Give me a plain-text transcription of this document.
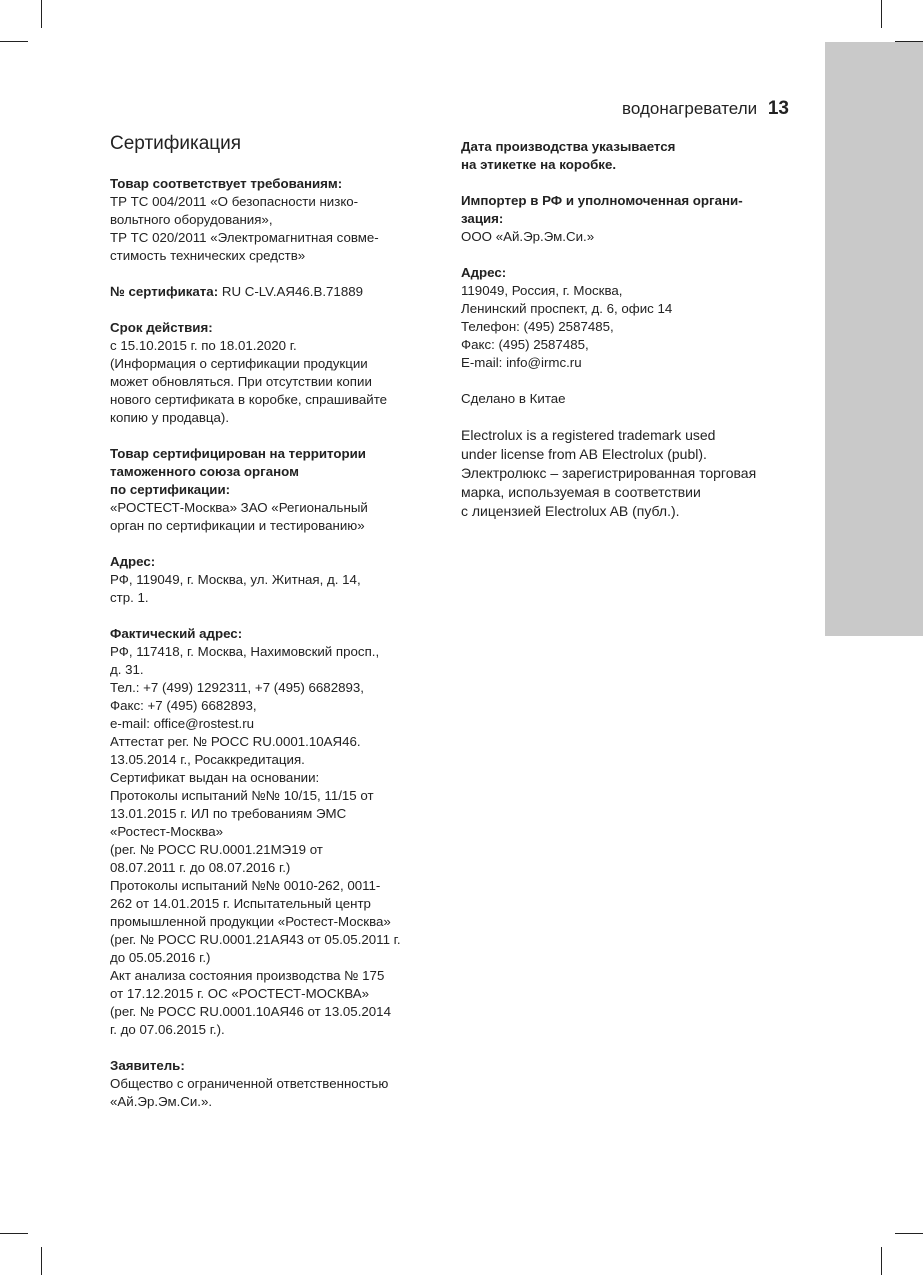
водонагреватели 13
Сертификация
Товар соответствует требованиям:
ТР ТС 004/2011 «О безопасности низко-
вольтного оборудования»,
ТР ТС 020/2011 «Электромагнитная совме-
стимость технических средств»
№ сертификата: RU C-LV.АЯ46.В.71889
Срок действия:
с 15.10.2015 г. по 18.01.2020 г.
(Информация о сертификации продукции
может обновляться. При отсутствии копии
нового сертификата в коробке, спрашивайте
копию у продавца).
Товар сертифицирован на территории
таможенного союза органом
по сертификации:
«РОСТЕСТ-Москва» ЗАО «Региональный
орган по сертификации и тестированию»
Адрес:
РФ, 119049, г. Москва, ул. Житная, д. 14,
стр. 1.
Фактический адрес:
РФ, 117418, г. Москва, Нахимовский просп.,
д. 31.
Тел.: +7 (499) 1292311, +7 (495) 6682893,
Факс: +7 (495) 6682893,
e-mail: office@rostest.ru
Аттестат рег. № РОСС RU.0001.10АЯ46.
13.05.2014 г., Росаккредитация.
Сертификат выдан на основании:
Протоколы испытаний №№ 10/15, 11/15 от
13.01.2015 г. ИЛ по требованиям ЭМС
«Ростест-Москва»
(рег. № РОСС RU.0001.21МЭ19 от
08.07.2011 г. до 08.07.2016 г.)
Протоколы испытаний №№ 0010-262, 0011-
262 от 14.01.2015 г. Испытательный центр
промышленной продукции «Ростест-Москва»
(рег. № РОСС RU.0001.21АЯ43 от 05.05.2011 г.
до 05.05.2016 г.)
Акт анализа состояния производства № 175
от 17.12.2015 г. ОС «РОСТЕСТ-МОСКВА»
(рег. № РОСС RU.0001.10АЯ46 от 13.05.2014
г. до 07.06.2015 г.).
Заявитель:
Общество с ограниченной ответственностью
«Ай.Эр.Эм.Си.».
Дата производства указывается
на этикетке на коробке.
Импортер в РФ и уполномоченная органи-
зация:
ООО «Ай.Эр.Эм.Си.»
Адрес:
119049, Россия, г. Москва,
Ленинский проспект, д. 6, офис 14
Телефон: (495) 2587485,
Факс: (495) 2587485,
E-mail: info@irmc.ru
Сделано в Китае
Electrolux is a registered trademark used
under license from AB Electrolux (publ).
Электролюкс – зарегистрированная торговая
марка, используемая в соответствии
с лицензией Electrolux AB (публ.).
